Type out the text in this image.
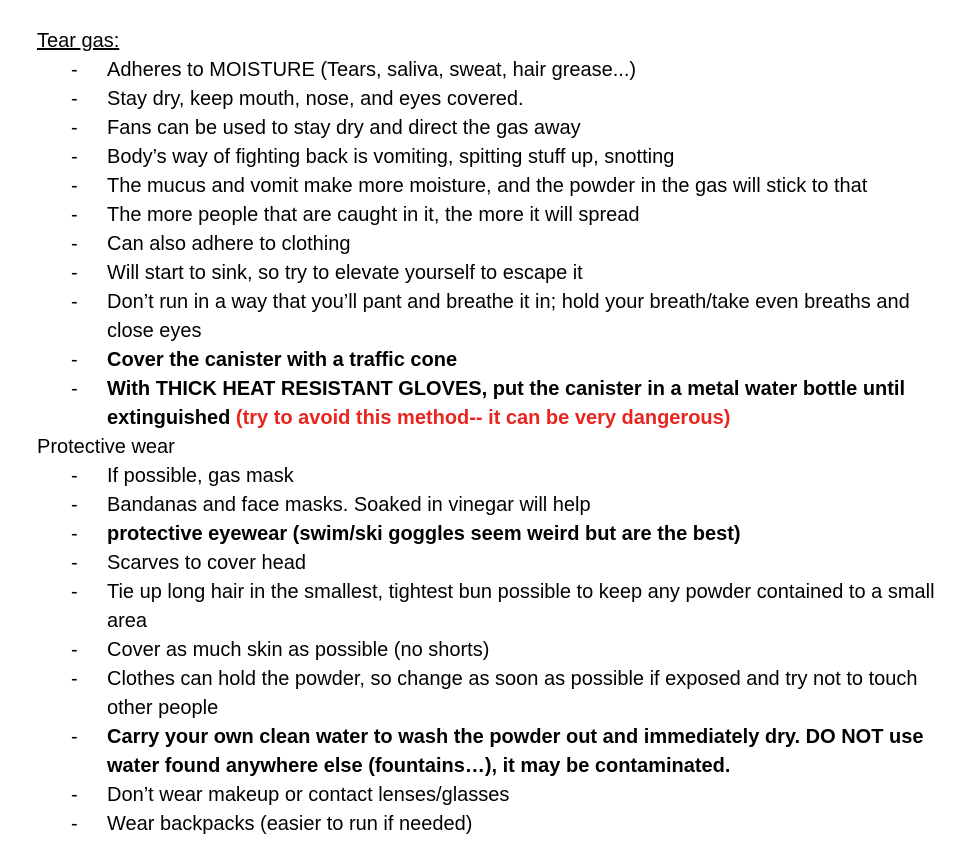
Tear gas:
- Adheres to MOISTURE (Tears, saliva, sweat, hair grease...)
- Stay dry, keep mouth, nose, and eyes covered.
- Fans can be used to stay dry and direct the gas away
- Body’s way of fighting back is vomiting, spitting stuff up, snotting
- The mucus and vomit make more moisture, and the powder in the gas will stick to that
- The more people that are caught in it, the more it will spread
- Can also adhere to clothing
- Will start to sink, so try to elevate yourself to escape it
- Don’t run in a way that you’ll pant and breathe it in; hold your breath/take even breaths and close eyes
- Cover the canister with a traffic cone
- With THICK HEAT RESISTANT GLOVES, put the canister in a metal water bottle until extinguished (try to avoid this method-- it can be very dangerous)
Protective wear
- If possible, gas mask
- Bandanas and face masks. Soaked in vinegar will help
- protective eyewear (swim/ski goggles seem weird but are the best)
- Scarves to cover head
- Tie up long hair in the smallest, tightest bun possible to keep any powder contained to a small area
- Cover as much skin as possible (no shorts)
- Clothes can hold the powder, so change as soon as possible if exposed and try not to touch other people
- Carry your own clean water to wash the powder out and immediately dry. DO NOT use water found anywhere else (fountains…), it may be contaminated.
- Don’t wear makeup or contact lenses/glasses
- Wear backpacks (easier to run if needed)
